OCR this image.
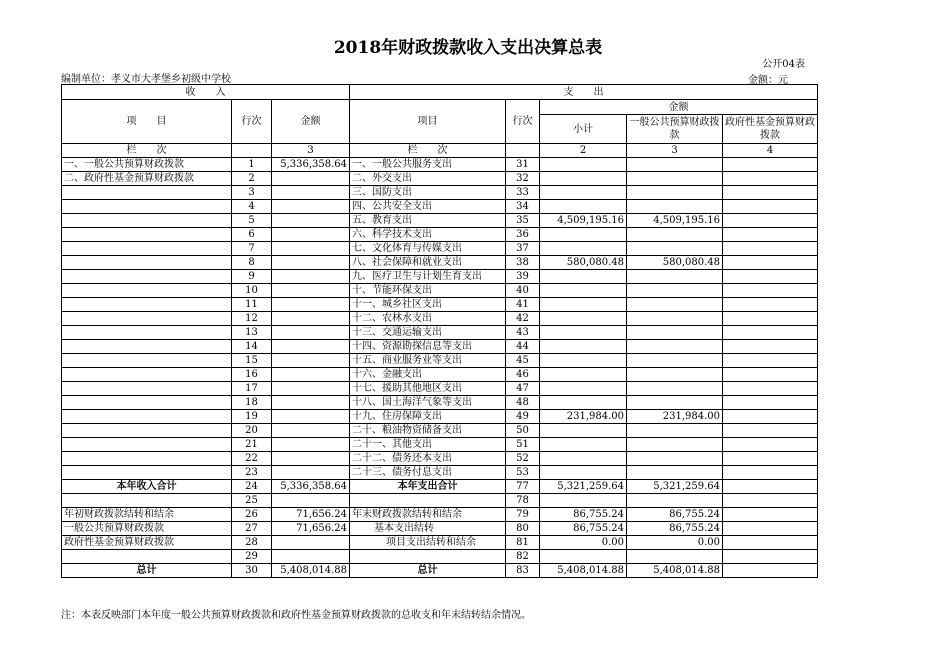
2018年财政拨款收入支出决算总表
公开04表
编制单位：孝义市大孝堡乡初级中学校	金额：元
收　　入			支　　出				
项　　目	行次	金额	项目	行次	金额		
					小计	一般公共预算财政拨款	政府性基金预算财政拨款
栏　　次		3	栏　　次		2	3	4
一、一般公共预算财政拨款	1	5,336,358.64	一、一般公共服务支出	31			
二、政府性基金预算财政拨款	2		二、外交支出	32			
	3		三、国防支出	33			
	4		四、公共安全支出	34			
	5		五、教育支出	35	4,509,195.16	4,509,195.16	
	6		六、科学技术支出	36			
	7		七、文化体育与传媒支出	37			
	8		八、社会保障和就业支出	38	580,080.48	580,080.48	
	9		九、医疗卫生与计划生育支出	39			
	10		十、节能环保支出	40			
	11		十一、城乡社区支出	41			
	12		十二、农林水支出	42			
	13		十三、交通运输支出	43			
	14		十四、资源勘探信息等支出	44			
	15		十五、商业服务业等支出	45			
	16		十六、金融支出	46			
	17		十七、援助其他地区支出	47			
	18		十八、国土海洋气象等支出	48			
	19		十九、住房保障支出	49	231,984.00	231,984.00	
	20		二十、粮油物资储备支出	50			
	21		二十一、其他支出	51			
	22		二十二、债务还本支出	52			
	23		二十三、债务付息支出	53			
本年收入合计	24	5,336,358.64	本年支出合计	77	5,321,259.64	5,321,259.64	
	25			78			
年初财政拨款结转和结余	26	71,656.24	年末财政拨款结转和结余	79	86,755.24	86,755.24	
一般公共预算财政拨款	27	71,656.24	基本支出结转	80	86,755.24	86,755.24	
政府性基金预算财政拨款	28		项目支出结转和结余	81	0.00	0.00	
	29			82			
总计	30	5,408,014.88	总计	83	5,408,014.88	5,408,014.88	
注：本表反映部门本年度一般公共预算财政拨款和政府性基金预算财政拨款的总收支和年末结转结余情况。
